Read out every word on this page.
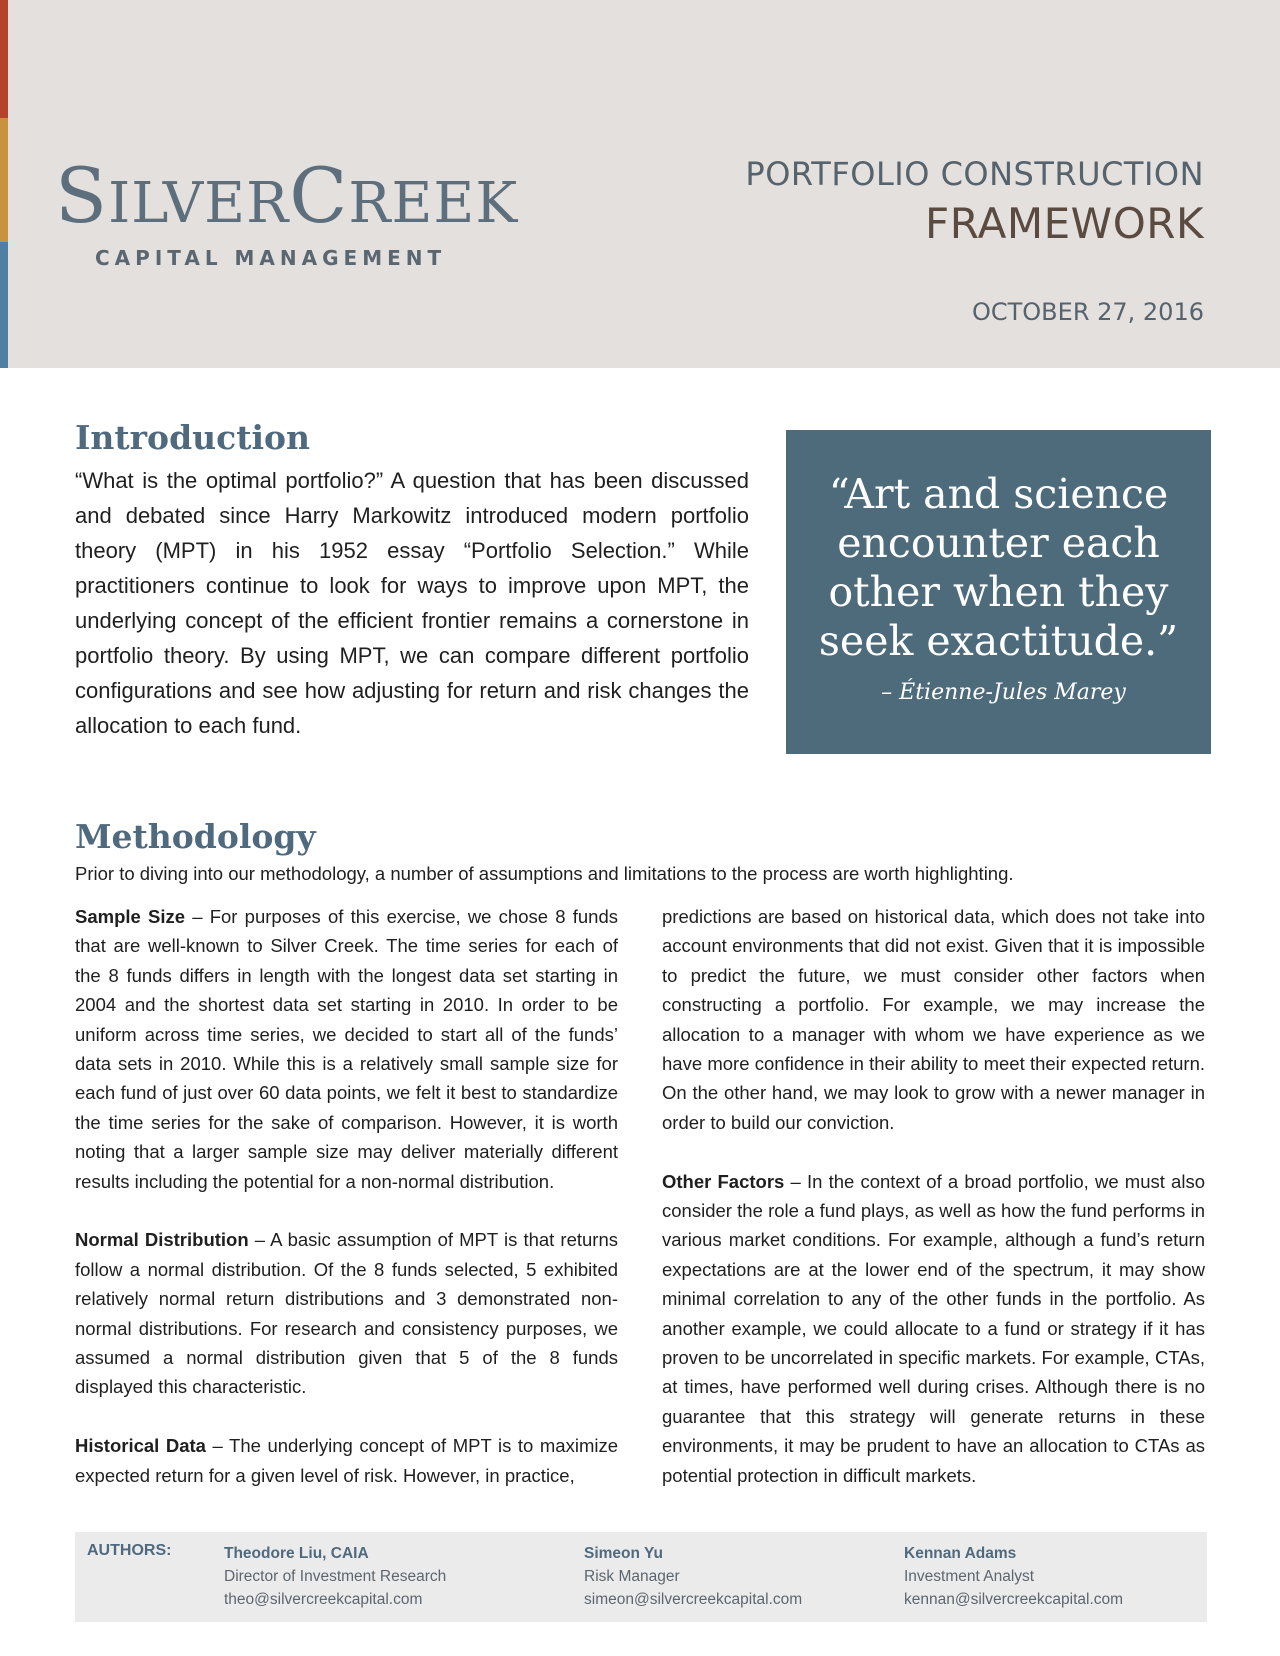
SILVERCREEK
CAPITAL MANAGEMENT
PORTFOLIO CONSTRUCTION
FRAMEWORK
OCTOBER 27, 2016
Introduction

“What is the optimal portfolio?” A question that has been discussed and debated since Harry Markowitz introduced modern portfolio theory (MPT) in his 1952 essay “Portfolio Selection.” While practitioners continue to look for ways to improve upon MPT, the underlying concept of the efficient frontier remains a cornerstone in portfolio theory. By using MPT, we can compare different portfolio configurations and see how adjusting for return and risk changes the allocation to each fund.

“Art and science encounter each other when they seek exactitude.”
– Étienne-Jules Marey
Methodology

Prior to diving into our methodology, a number of assumptions and limitations to the process are worth highlighting.

Sample Size – For purposes of this exercise, we chose 8 funds that are well-known to Silver Creek. The time series for each of the 8 funds differs in length with the longest data set starting in 2004 and the shortest data set starting in 2010. In order to be uniform across time series, we decided to start all of the funds’ data sets in 2010. While this is a relatively small sample size for each fund of just over 60 data points, we felt it best to standardize the time series for the sake of comparison. However, it is worth noting that a larger sample size may deliver materially different results including the potential for a non-normal distribution.

Normal Distribution – A basic assumption of MPT is that returns follow a normal distribution. Of the 8 funds selected, 5 exhibited relatively normal return distributions and 3 demonstrated non-normal distributions. For research and consistency purposes, we assumed a normal distribution given that 5 of the 8 funds displayed this characteristic.

Historical Data – The underlying concept of MPT is to maximize expected return for a given level of risk. However, in practice,

predictions are based on historical data, which does not take into account environments that did not exist. Given that it is impossible to predict the future, we must consider other factors when constructing a portfolio. For example, we may increase the allocation to a manager with whom we have experience as we have more confidence in their ability to meet their expected return. On the other hand, we may look to grow with a newer manager in order to build our conviction.

Other Factors – In the context of a broad portfolio, we must also consider the role a fund plays, as well as how the fund performs in various market conditions. For example, although a fund’s return expectations are at the lower end of the spectrum, it may show minimal correlation to any of the other funds in the portfolio. As another example, we could allocate to a fund or strategy if it has proven to be uncorrelated in specific markets. For example, CTAs, at times, have performed well during crises. Although there is no guarantee that this strategy will generate returns in these environments, it may be prudent to have an allocation to CTAs as potential protection in difficult markets.

AUTHORS:	Theodore Liu, CAIA
Director of Investment Research
theo@silvercreekcapital.com
Simeon Yu
Risk Manager
simeon@silvercreekcapital.com
Kennan Adams
Investment Analyst
kennan@silvercreekcapital.com
